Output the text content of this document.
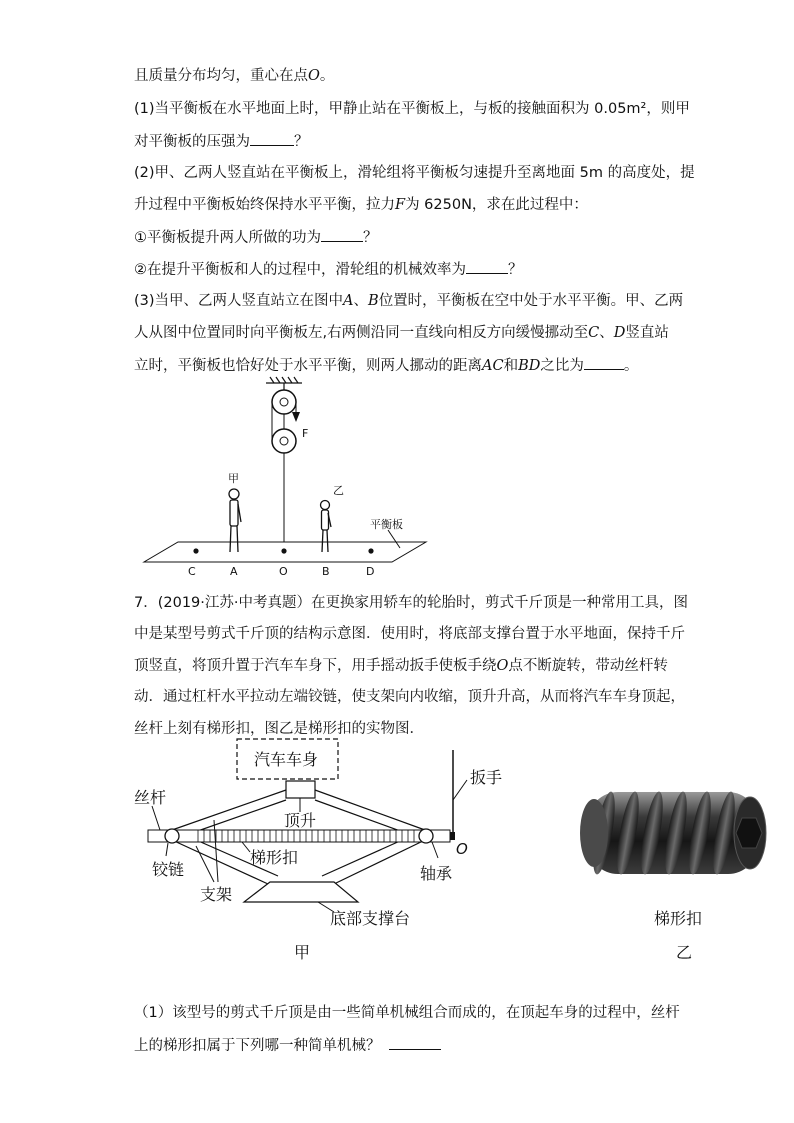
且质量分布均匀，重心在点O。
(1)当平衡板在水平地面上时，甲静止站在平衡板上，与板的接触面积为 0.05m²，则甲
对平衡板的压强为	？
(2)甲、乙两人竖直站在平衡板上，滑轮组将平衡板匀速提升至离地面 5m 的高度处，提
升过程中平衡板始终保持水平平衡，拉力F为 6250N，求在此过程中：
①平衡板提升两人所做的功为	？
②在提升平衡板和人的过程中，滑轮组的机械效率为	？
(3)当甲、乙两人竖直站立在图中A、B位置时，平衡板在空中处于水平平衡。甲、乙两
人从图中位置同时向平衡板左,右两侧沿同一直线向相反方向缓慢挪动至C、D竖直站
立时，平衡板也恰好处于水平平衡，则两人挪动的距离AC和BD之比为	。
F
平衡板
C	A	O	B	D
甲
乙
7．(2019·江苏·中考真题）在更换家用轿车的轮胎时，剪式千斤顶是一种常用工具，图
中是某型号剪式千斤顶的结构示意图．使用时，将底部支撑台置于水平地面，保持千斤
顶竖直，将顶升置于汽车车身下，用手摇动扳手使板手绕O点不断旋转，带动丝杆转
动．通过杠杆水平拉动左端铰链，使支架向内收缩，顶升升高，从而将汽车车身顶起，
丝杆上刻有梯形扣，图乙是梯形扣的实物图．
汽车车身
扳手
O
顶升
底部支撑台
丝杆
梯形扣
铰链
支架
轴承
甲
梯形扣
乙
（1）该型号的剪式千斤顶是由一些简单机械组合而成的，在顶起车身的过程中，丝杆
上的梯形扣属于下列哪一种简单机械？
